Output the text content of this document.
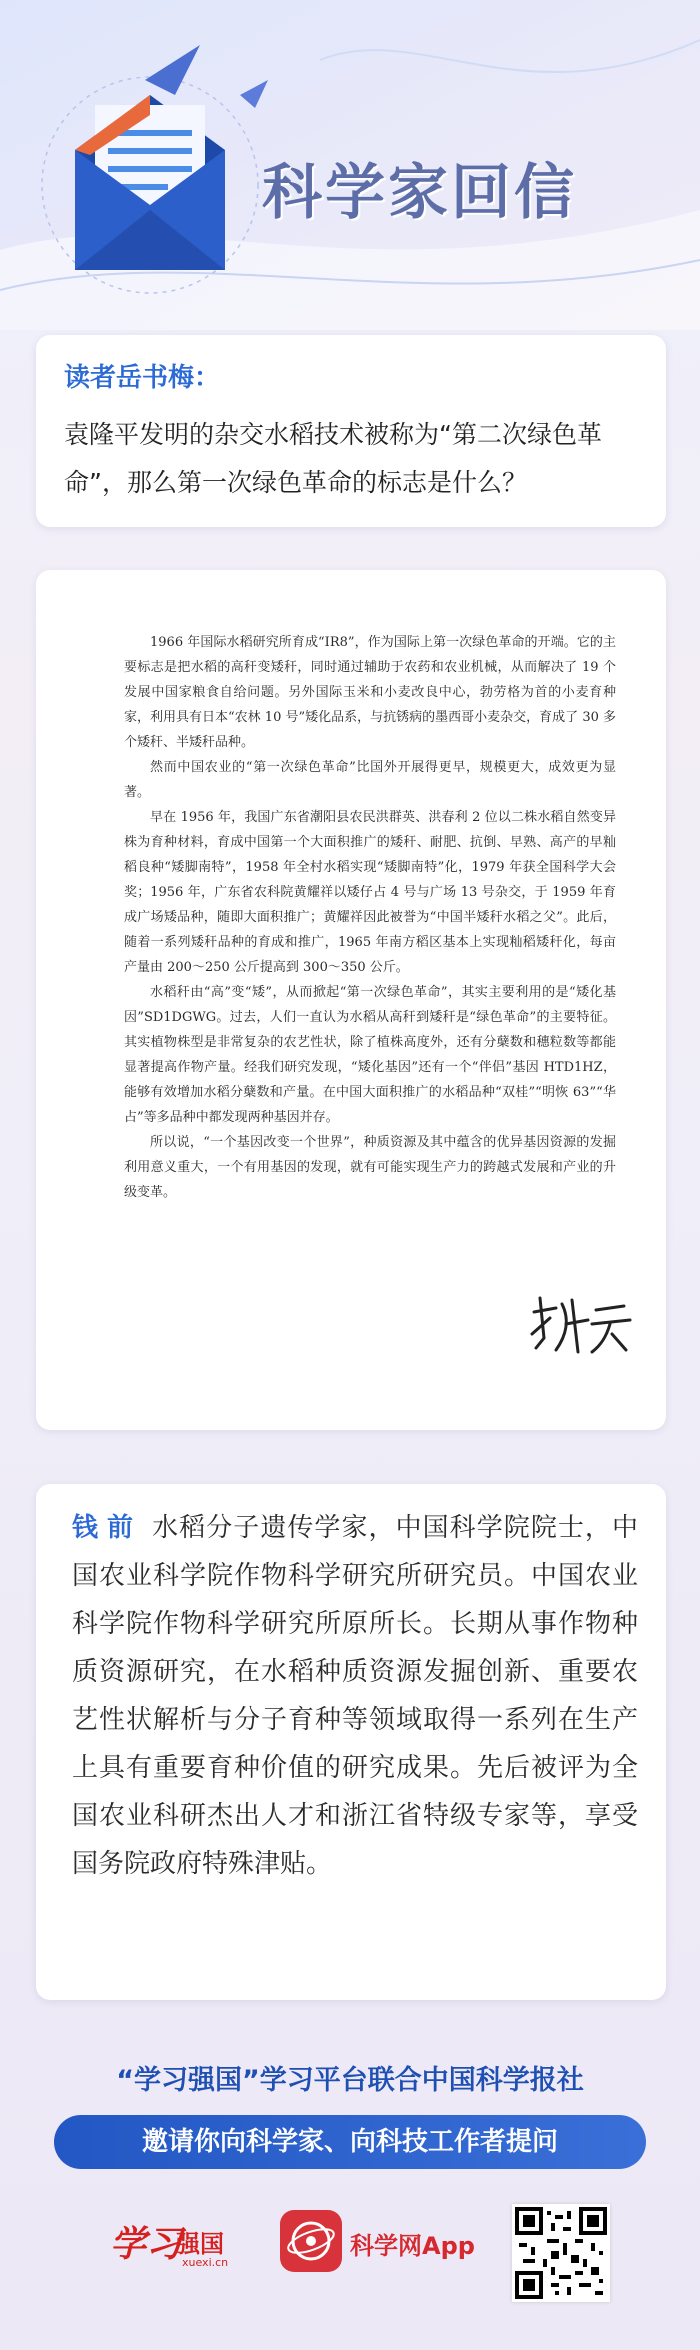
科学家回信
读者岳书梅：
袁隆平发明的杂交水稻技术被称为“第二次绿色革命”，那么第一次绿色革命的标志是什么？

1966 年国际水稻研究所育成“IR8”，作为国际上第一次绿色革命的开端。它的主要标志是把水稻的高秆变矮秆，同时通过辅助于农药和农业机械，从而解决了 19 个发展中国家粮食自给问题。另外国际玉米和小麦改良中心，勃劳格为首的小麦育种家，利用具有日本“农林 10 号”矮化品系，与抗锈病的墨西哥小麦杂交，育成了 30 多个矮秆、半矮秆品种。

然而中国农业的“第一次绿色革命”比国外开展得更早，规模更大，成效更为显著。

早在 1956 年，我国广东省潮阳县农民洪群英、洪春利 2 位以二株水稻自然变异株为育种材料，育成中国第一个大面积推广的矮秆、耐肥、抗倒、早熟、高产的早籼稻良种“矮脚南特”，1958 年全村水稻实现“矮脚南特”化，1979 年获全国科学大会奖；1956 年，广东省农科院黄耀祥以矮仔占 4 号与广场 13 号杂交，于 1959 年育成广场矮品种，随即大面积推广；黄耀祥因此被誉为“中国半矮秆水稻之父”。此后，随着一系列矮秆品种的育成和推广，1965 年南方稻区基本上实现籼稻矮秆化，每亩产量由 200～250 公斤提高到 300～350 公斤。

水稻秆由“高”变“矮”，从而掀起“第一次绿色革命”，其实主要利用的是“矮化基因”SD1DGWG。过去，人们一直认为水稻从高秆到矮秆是“绿色革命”的主要特征。其实植物株型是非常复杂的农艺性状，除了植株高度外，还有分蘖数和穗粒数等都能显著提高作物产量。经我们研究发现，“矮化基因”还有一个“伴侣”基因 HTD1HZ，能够有效增加水稻分蘖数和产量。在中国大面积推广的水稻品种“双桂”“明恢 63”“华占”等多品种中都发现两种基因并存。

所以说，“一个基因改变一个世界”，种质资源及其中蕴含的优异基因资源的发掘利用意义重大，一个有用基因的发现，就有可能实现生产力的跨越式发展和产业的升级变革。

钱前 水稻分子遗传学家，中国科学院院士，中国农业科学院作物科学研究所研究员。中国农业科学院作物科学研究所原所长。长期从事作物种质资源研究，在水稻种质资源发掘创新、重要农艺性状解析与分子育种等领域取得一系列在生产上具有重要育种价值的研究成果。先后被评为全国农业科研杰出人才和浙江省特级专家等，享受国务院政府特殊津贴。
“学习强国”学习平台联合中国科学报社
邀请你向科学家、向科技工作者提问
学习
强国
xuexi.cn
科学网App
